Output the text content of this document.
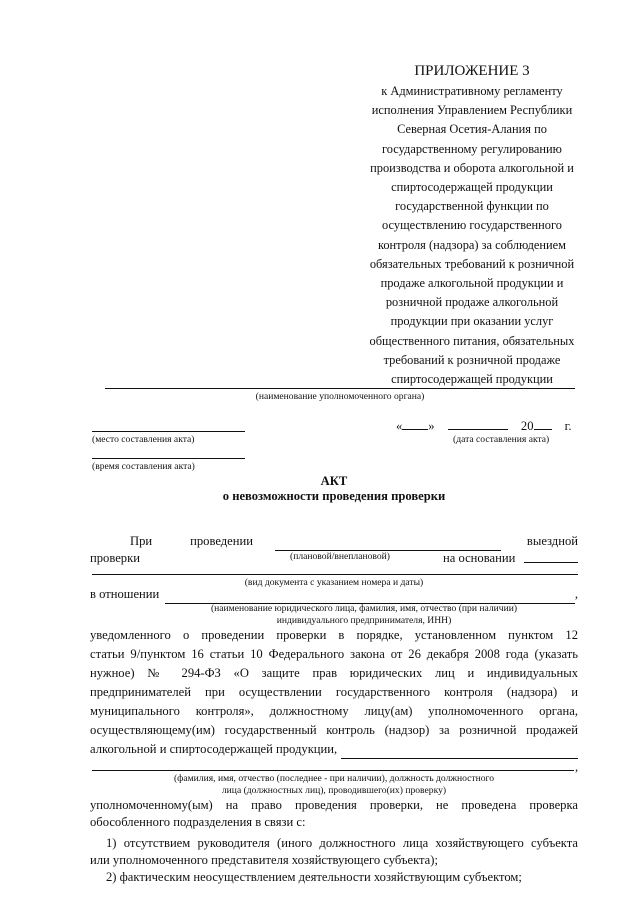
ПРИЛОЖЕНИЕ 3
к Административному регламенту
исполнения Управлением Республики
Северная Осетия-Алания по
государственному регулированию
производства и оборота алкогольной и
спиртосодержащей продукции
государственной функции по
осуществлению государственного
контроля (надзора) за соблюдением
обязательных требований к розничной
продаже алкогольной продукции и
розничной продаже алкогольной
продукции при оказании услуг
общественного питания, обязательных
требований к розничной продаже
спиртосодержащей продукции
(наименование уполномоченного органа)
(место составления акта)
« »	20 г.
(дата составления акта)
(время составления акта)
АКТ
о невозможности проведения проверки
При	проведении	выездной
проверки	(плановой/внеплановой)	на основании
(вид документа с указанием номера и даты)
в отношении	,
(наименование юридического лица, фамилия, имя, отчество (при наличии)
индивидуального предпринимателя, ИНН)
уведомленного о проведении проверки в порядке, установленном пунктом 12
статьи 9/пунктом 16 статьи 10 Федерального закона от 26 декабря 2008 года (указать
нужное) № 294-ФЗ «О защите прав юридических лиц и индивидуальных
предпринимателей при осуществлении государственного контроля (надзора) и
муниципального контроля», должностному лицу(ам) уполномоченного органа,
осуществляющему(им) государственный контроль (надзор) за розничной продажей
алкогольной и спиртосодержащей продукции,
,
(фамилия, имя, отчество (последнее - при наличии), должность должностного
лица (должностных лиц), проводившего(их) проверку)
уполномоченному(ым) на право проведения проверки, не проведена проверка
обособленного подразделения в связи с:
1) отсутствием руководителя (иного должностного лица хозяйствующего субъекта
или уполномоченного представителя хозяйствующего субъекта);
2) фактическим неосуществлением деятельности хозяйствующим субъектом;
